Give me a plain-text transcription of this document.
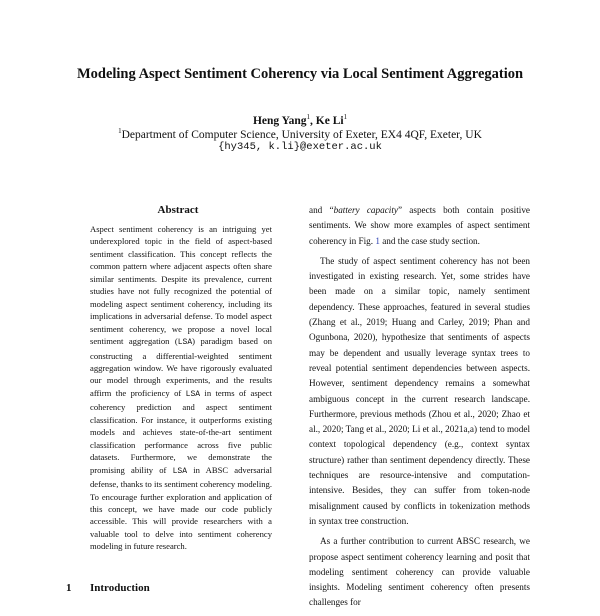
Modeling Aspect Sentiment Coherency via Local Sentiment Aggregation
Heng Yang$^1$, Ke Li$^1$
$^1$Department of Computer Science, University of Exeter, EX4 4QF, Exeter, UK
{hy345, k.li}@exeter.ac.uk
Abstract

Aspect sentiment coherency is an intriguing yet underexplored topic in the field of aspect-based sentiment classification. This concept reflects the common pattern where adjacent aspects often share similar sentiments. Despite its prevalence, current studies have not fully recognized the potential of modeling aspect sentiment coherency, including its implications in adversarial defense. To model aspect sentiment coherency, we propose a novel local sentiment aggregation (LSA) paradigm based on constructing a differential-weighted sentiment aggregation window. We have rigorously evaluated our model through experiments, and the results affirm the proficiency of LSA in terms of aspect coherency prediction and aspect sentiment classification. For instance, it outperforms existing models and achieves state-of-the-art sentiment classification performance across five public datasets. Furthermore, we demonstrate the promising ability of LSA in ABSC adversarial defense, thanks to its sentiment coherency modeling. To encourage further exploration and application of this concept, we have made our code publicly accessible. This will provide researchers with a valuable tool to delve into sentiment coherency modeling in future research.

1 Introduction

and “battery capacity” aspects both contain positive sentiments. We show more examples of aspect sentiment coherency in Fig. 1 and the case study section.

The study of aspect sentiment coherency has not been investigated in existing research. Yet, some strides have been made on a similar topic, namely sentiment dependency. These approaches, featured in several studies (Zhang et al., 2019; Huang and Carley, 2019; Phan and Ogunbona, 2020), hypothesize that sentiments of aspects may be dependent and usually leverage syntax trees to reveal potential sentiment dependencies between aspects. However, sentiment dependency remains a somewhat ambiguous concept in the current research landscape. Furthermore, previous methods (Zhou et al., 2020; Zhao et al., 2020; Tang et al., 2020; Li et al., 2021a,a) tend to model context topological dependency (e.g., context syntax structure) rather than sentiment dependency directly. These techniques are resource-intensive and computation-intensive. Besides, they can suffer from token-node misalignment caused by conflicts in tokenization methods in syntax tree construction.

As a further contribution to current ABSC research, we propose aspect sentiment coherency learning and posit that modeling sentiment coherency can provide valuable insights. Modeling sentiment coherency often presents challenges for
